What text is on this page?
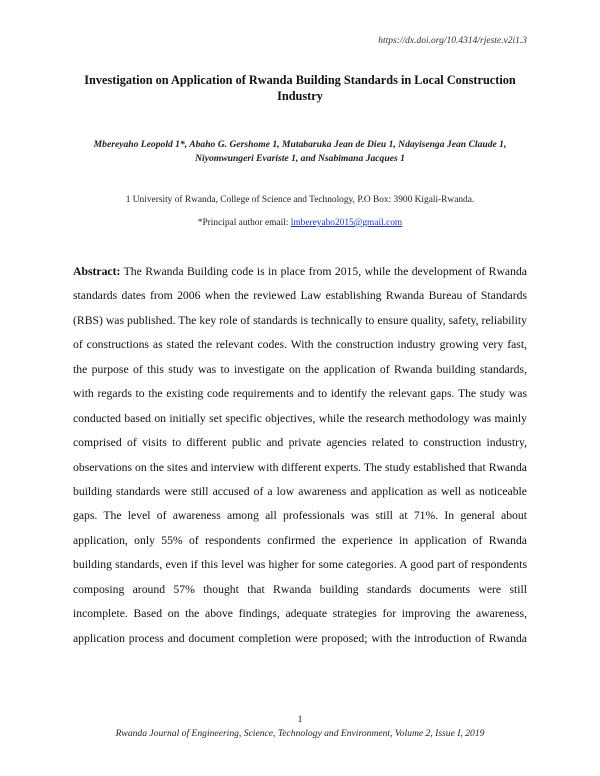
https://dx.doi.org/10.4314/rjeste.v2i1.3
Investigation on Application of Rwanda Building Standards in Local Construction
Industry
Mbereyaho Leopold 1*, Abaho G. Gershome 1, Mutabaruka Jean de Dieu 1, Ndayisenga Jean Claude 1,
Niyomwungeri Evariste 1, and Nsabimana Jacques 1
1 University of Rwanda, College of Science and Technology, P.O Box: 3900 Kigali-Rwanda.
*Principal author email: lmbereyaho2015@gmail.com
Abstract: The Rwanda Building code is in place from 2015, while the development of Rwanda
standards dates from 2006 when the reviewed Law establishing Rwanda Bureau of Standards
(RBS) was published. The key role of standards is technically to ensure quality, safety, reliability
of constructions as stated the relevant codes. With the construction industry growing very fast,
the purpose of this study was to investigate on the application of Rwanda building standards,
with regards to the existing code requirements and to identify the relevant gaps. The study was
conducted based on initially set specific objectives, while the research methodology was mainly
comprised of visits to different public and private agencies related to construction industry,
observations on the sites and interview with different experts. The study established that Rwanda
building standards were still accused of a low awareness and application as well as noticeable
gaps. The level of awareness among all professionals was still at 71%. In general about
application, only 55% of respondents confirmed the experience in application of Rwanda
building standards, even if this level was higher for some categories. A good part of respondents
composing around 57% thought that Rwanda building standards documents were still
incomplete. Based on the above findings, adequate strategies for improving the awareness,
application process and document completion were proposed; with the introduction of Rwanda
1
Rwanda Journal of Engineering, Science, Technology and Environment, Volume 2, Issue I, 2019
